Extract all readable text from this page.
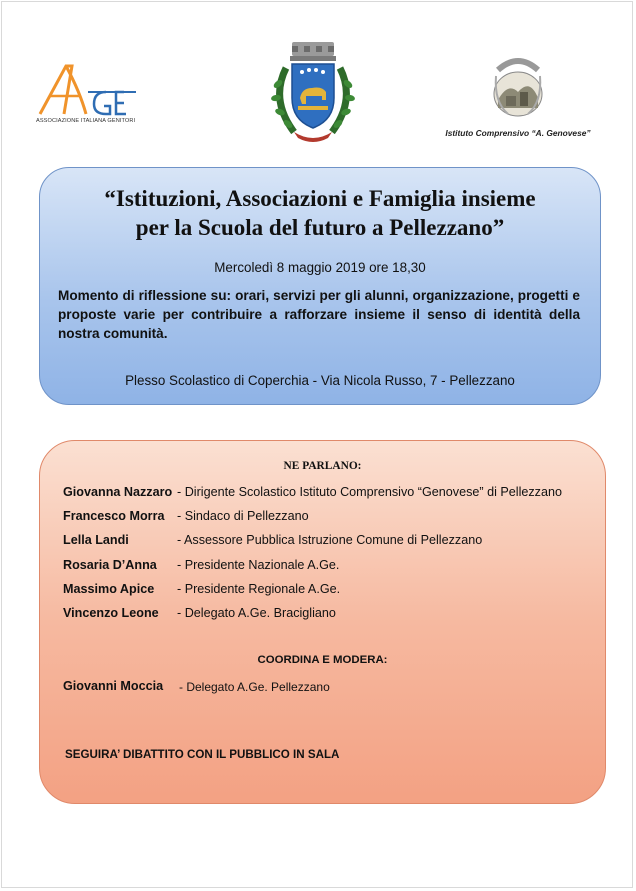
ASSOCIAZIONE ITALIANA GENITORI
Istituto Comprensivo “A. Genovese”
“Istituzioni, Associazioni e Famiglia insieme
per la Scuola del futuro a Pellezzano”
Mercoledì 8 maggio 2019 ore 18,30
Momento di riflessione su: orari, servizi per gli alunni, organizzazione, progetti e proposte varie per contribuire a rafforzare insieme il senso di identità della nostra comunità.
Plesso Scolastico di Coperchia - Via Nicola Russo, 7 - Pellezzano
NE PARLANO:
Giovanna Nazzaro - Dirigente Scolastico Istituto Comprensivo “Genovese” di Pellezzano
Francesco Morra - Sindaco di Pellezzano
Lella Landi	- Assessore Pubblica Istruzione Comune di Pellezzano
Rosaria D’Anna - Presidente Nazionale A.Ge.
Massimo Apice - Presidente Regionale A.Ge.
Vincenzo Leone - Delegato A.Ge. Bracigliano
COORDINA E MODERA:
Giovanni Moccia - Delegato A.Ge. Pellezzano
SEGUIRA’ DIBATTITO CON IL PUBBLICO IN SALA
